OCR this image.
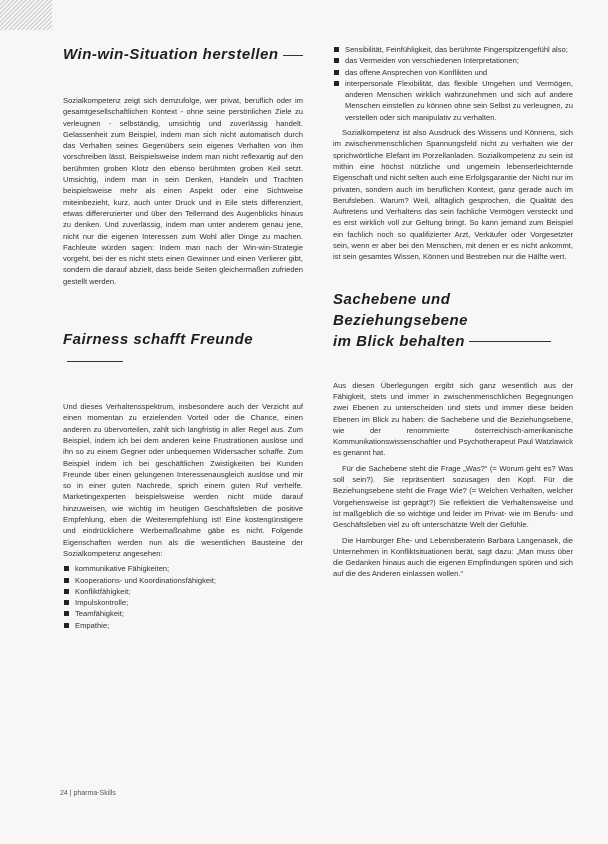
Win-win-Situation herstellen

Sozialkompetenz zeigt sich demzufolge, wer privat, beruflich oder im gesamtgesellschaftlichen Kontext - ohne seine persönlichen Ziele zu verleugnen - selbständig, umsichtig und zuverlässig handelt. Gelassenheit zum Beispiel, indem man sich nicht automatisch durch das Verhalten seines Gegenübers sein eigenes Verhalten von ihm vorschreiben lässt. Beispielsweise indem man nicht reflexartig auf den berühmten groben Klotz den ebenso berühmten groben Keil setzt. Umsichtig, indem man in sein Denken, Handeln und Trachten beispielsweise mehr als einen Aspekt oder eine Sichtweise miteinbezieht, kurz, auch unter Druck und in Eile stets differenziert, etwas differenzierter und über den Tellerrand des Augenblicks hinaus zu denken. Und zuverlässig, indem man unter anderem genau jene, nicht nur die eigenen Interessen zum Wohl aller Dinge zu machen. Fachleute würden sagen: Indem man nach der Win-win-Strategie vorgeht, bei der es nicht stets einen Gewinner und einen Verlierer gibt, sondern die darauf abzielt, dass beide Seiten gleichermaßen zufrieden gestellt werden.

Fairness schafft Freunde

Und dieses Verhaltensspektrum, insbesondere auch der Verzicht auf einen momentan zu erzielenden Vorteil oder die Chance, einen anderen zu übervorteilen, zahlt sich langfristig in aller Regel aus. Zum Beispiel, indem ich bei dem anderen keine Frustrationen auslöse und ihn so zu einem Gegner oder unbequemen Widersacher schaffe. Zum Beispiel indem ich bei geschäftlichen Zwistigkeiten bei Kunden Freunde über einen gelungenen Interessenausgleich auslöse und mir so in einer guten Nachrede, sprich einem guten Ruf verhelfe. Marketingexperten beispielsweise werden nicht müde darauf hinzuweisen, wie wichtig im heutigen Geschäftsleben die positive Empfehlung, eben die Weiterempfehlung ist! Eine kostengünstigere und eindrücklichere Werbemaßnahme gäbe es nicht. Folgende Eigenschaften werden nun als die wesentlichen Bausteine der Sozialkompetenz angesehen:

kommunikative Fähigkeiten;
Kooperations- und Koordinationsfähigkeit;
Konfliktfähigkeit;
Impulskontrolle;
Teamfähigkeit;
Empathie;
Sensibilität, Feinfühligkeit, das berühmte Fingerspitzengefühl also;
das Vermeiden von verschiedenen Interpretationen;
das offene Ansprechen von Konflikten und
interpersonale Flexibilität, das flexible Umgehen und Vermögen, anderen Menschen wirklich wahrzunehmen und sich auf andere Menschen einstellen zu können ohne sein Selbst zu verleugnen, zu verstellen oder sich manipulativ zu verhalten.

Sozialkompetenz ist also Ausdruck des Wissens und Könnens, sich im zwischenmenschlichen Spannungsfeld nicht zu verhalten wie der sprichwörtliche Elefant im Porzellanladen. Sozialkompetenz zu sein ist mithin eine höchst nützliche und ungemein lebenserleichternde Eigenschaft und nicht selten auch eine Erfolgsgarantie der Nicht nur im privaten, sondern auch im beruflichen Kontext, ganz gerade auch im Berufsleben. Warum? Weil, alltäglich gesprochen, die Qualität des Auftretens und Verhaltens das sein fachliche Vermögen versteckt und es erst wirklich voll zur Geltung bringt. So kann jemand zum Beispiel ein fachlich noch so qualifizierter Arzt, Verkäufer oder Vorgesetzter sein, wenn er aber bei den Menschen, mit denen er es nicht ankommt, ist sein gesamtes Wissen, Können und Bestreben nur die Hälfte wert.

Sachebene und Beziehungsebene
im Blick behalten

Aus diesen Überlegungen ergibt sich ganz wesentlich aus der Fähigkeit, stets und immer in zwischenmenschlichen Begegnungen zwei Ebenen zu unterscheiden und stets und immer diese beiden Ebenen im Blick zu haben: die Sachebene und die Beziehungsebene, wie der renommierte österreichisch-amerikanische Kommunikationswissenschaftler und Psychotherapeut Paul Watzlawick es genannt hat.

Für die Sachebene steht die Frage „Was?“ (= Worum geht es? Was soll sein?). Sie repräsentiert sozusagen den Kopf. Für die Beziehungsebene steht die Frage Wie? (= Welchen Verhalten, welcher Vorgehensweise ist geprägt?) Sie reflektiert die Verhaltensweise und ist maßgeblich die so wichtige und leider im Privat- wie im Berufs- und Geschäftsleben viel zu oft unterschätzte Welt der Gefühle.

Die Hamburger Ehe- und Lebensberaterin Barbara Langenasek, die Unternehmen in Konfliktsituationen berät, sagt dazu: „Man muss über die Gedanken hinaus auch die eigenen Empfindungen spüren und sich auf die des Anderen einlassen wollen.“

24 | pharma-Skills
